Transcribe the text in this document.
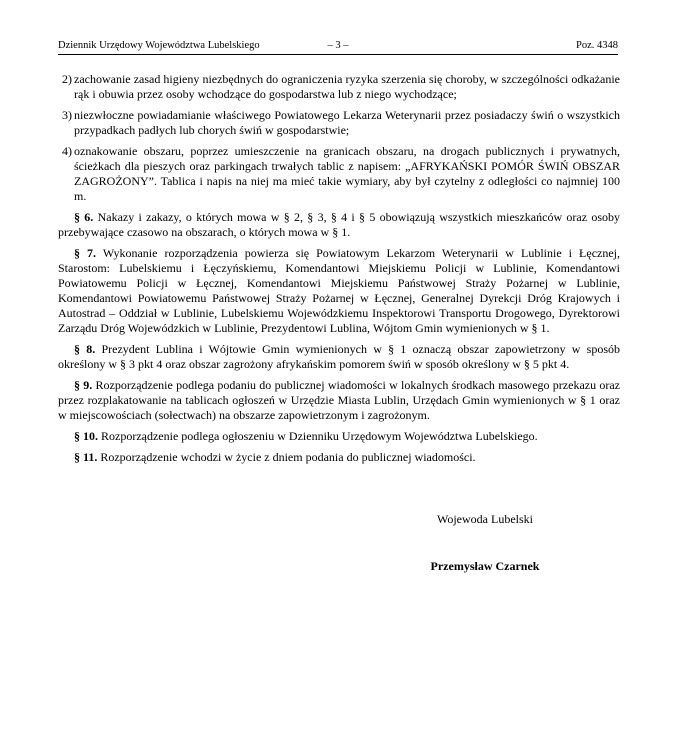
Dziennik Urzędowy Województwa Lubelskiego	– 3 –	Poz. 4348
2) zachowanie zasad higieny niezbędnych do ograniczenia ryzyka szerzenia się choroby, w szczególności odkażanie rąk i obuwia przez osoby wchodzące do gospodarstwa lub z niego wychodzące;

3) niezwłoczne powiadamianie właściwego Powiatowego Lekarza Weterynarii przez posiadaczy świń o wszystkich przypadkach padłych lub chorych świń w gospodarstwie;

4) oznakowanie obszaru, poprzez umieszczenie na granicach obszaru, na drogach publicznych i prywatnych, ścieżkach dla pieszych oraz parkingach trwałych tablic z napisem: „AFRYKAŃSKI POMÓR ŚWIŃ OBSZAR ZAGROŻONY”. Tablica i napis na niej ma mieć takie wymiary, aby był czytelny z odległości co najmniej 100 m.

§ 6. Nakazy i zakazy, o których mowa w § 2, § 3, § 4 i § 5 obowiązują wszystkich mieszkańców oraz osoby przebywające czasowo na obszarach, o których mowa w § 1.

§ 7. Wykonanie rozporządzenia powierza się Powiatowym Lekarzom Weterynarii w Lublinie i Łęcznej, Starostom: Lubelskiemu i Łęczyńskiemu, Komendantowi Miejskiemu Policji w Lublinie, Komendantowi Powiatowemu Policji w Łęcznej, Komendantowi Miejskiemu Państwowej Straży Pożarnej w Lublinie, Komendantowi Powiatowemu Państwowej Straży Pożarnej w Łęcznej, Generalnej Dyrekcji Dróg Krajowych i Autostrad – Oddział w Lublinie, Lubelskiemu Wojewódzkiemu Inspektorowi Transportu Drogowego, Dyrektorowi Zarządu Dróg Wojewódzkich w Lublinie, Prezydentowi Lublina, Wójtom Gmin wymienionych w § 1.

§ 8. Prezydent Lublina i Wójtowie Gmin wymienionych w § 1 oznaczą obszar zapowietrzony w sposób określony w § 3 pkt 4 oraz obszar zagrożony afrykańskim pomorem świń w sposób określony w § 5 pkt 4.

§ 9. Rozporządzenie podlega podaniu do publicznej wiadomości w lokalnych środkach masowego przekazu oraz przez rozplakatowanie na tablicach ogłoszeń w Urzędzie Miasta Lublin, Urzędach Gmin wymienionych w § 1 oraz w miejscowościach (sołectwach) na obszarze zapowietrzonym i zagrożonym.

§ 10. Rozporządzenie podlega ogłoszeniu w Dzienniku Urzędowym Województwa Lubelskiego.

§ 11. Rozporządzenie wchodzi w życie z dniem podania do publicznej wiadomości.

Wojewoda Lubelski

Przemysław Czarnek
